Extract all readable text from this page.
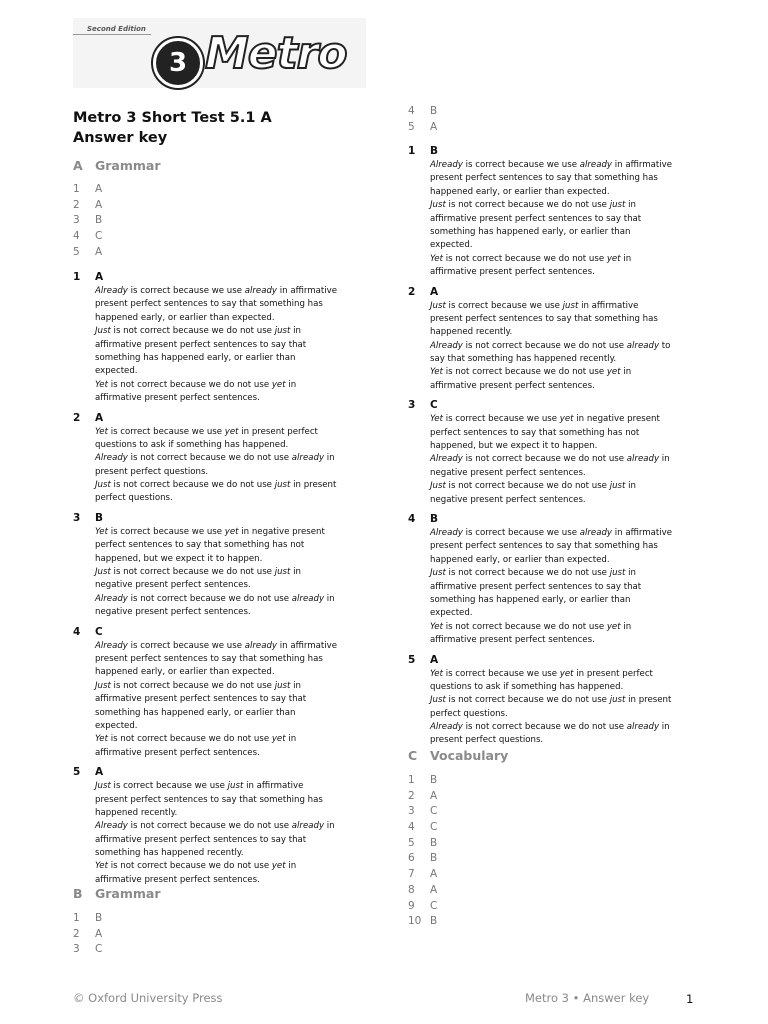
Second Edition
3 Metro
Metro 3 Short Test 5.1 A
Answer key
A Grammar
1 A
2 A
3 B
4 C
5 A
1 A
Already is correct because we use already in affirmative
present perfect sentences to say that something has
happened early, or earlier than expected.
Just is not correct because we do not use just in
affirmative present perfect sentences to say that
something has happened early, or earlier than
expected.
Yet is not correct because we do not use yet in
affirmative present perfect sentences.
2 A
Yet is correct because we use yet in present perfect
questions to ask if something has happened.
Already is not correct because we do not use already in
present perfect questions.
Just is not correct because we do not use just in present
perfect questions.
3 B
Yet is correct because we use yet in negative present
perfect sentences to say that something has not
happened, but we expect it to happen.
Just is not correct because we do not use just in
negative present perfect sentences.
Already is not correct because we do not use already in
negative present perfect sentences.
4 C
Already is correct because we use already in affirmative
present perfect sentences to say that something has
happened early, or earlier than expected.
Just is not correct because we do not use just in
affirmative present perfect sentences to say that
something has happened early, or earlier than
expected.
Yet is not correct because we do not use yet in
affirmative present perfect sentences.
5 A
Just is correct because we use just in affirmative
present perfect sentences to say that something has
happened recently.
Already is not correct because we do not use already in
affirmative present perfect sentences to say that
something has happened recently.
Yet is not correct because we do not use yet in
affirmative present perfect sentences.
B Grammar
1 B
2 A
3 C
4 B
5 A
1 B
Already is correct because we use already in affirmative
present perfect sentences to say that something has
happened early, or earlier than expected.
Just is not correct because we do not use just in
affirmative present perfect sentences to say that
something has happened early, or earlier than
expected.
Yet is not correct because we do not use yet in
affirmative present perfect sentences.
2 A
Just is correct because we use just in affirmative
present perfect sentences to say that something has
happened recently.
Already is not correct because we do not use already to
say that something has happened recently.
Yet is not correct because we do not use yet in
affirmative present perfect sentences.
3 C
Yet is correct because we use yet in negative present
perfect sentences to say that something has not
happened, but we expect it to happen.
Already is not correct because we do not use already in
negative present perfect sentences.
Just is not correct because we do not use just in
negative present perfect sentences.
4 B
Already is correct because we use already in affirmative
present perfect sentences to say that something has
happened early, or earlier than expected.
Just is not correct because we do not use just in
affirmative present perfect sentences to say that
something has happened early, or earlier than
expected.
Yet is not correct because we do not use yet in
affirmative present perfect sentences.
5 A
Yet is correct because we use yet in present perfect
questions to ask if something has happened.
Just is not correct because we do not use just in present
perfect questions.
Already is not correct because we do not use already in
present perfect questions.
C Vocabulary
1 B
2 A
3 C
4 C
5 B
6 B
7 A
8 A
9 C
10 B
© Oxford University Press	Metro 3 • Answer key	1
